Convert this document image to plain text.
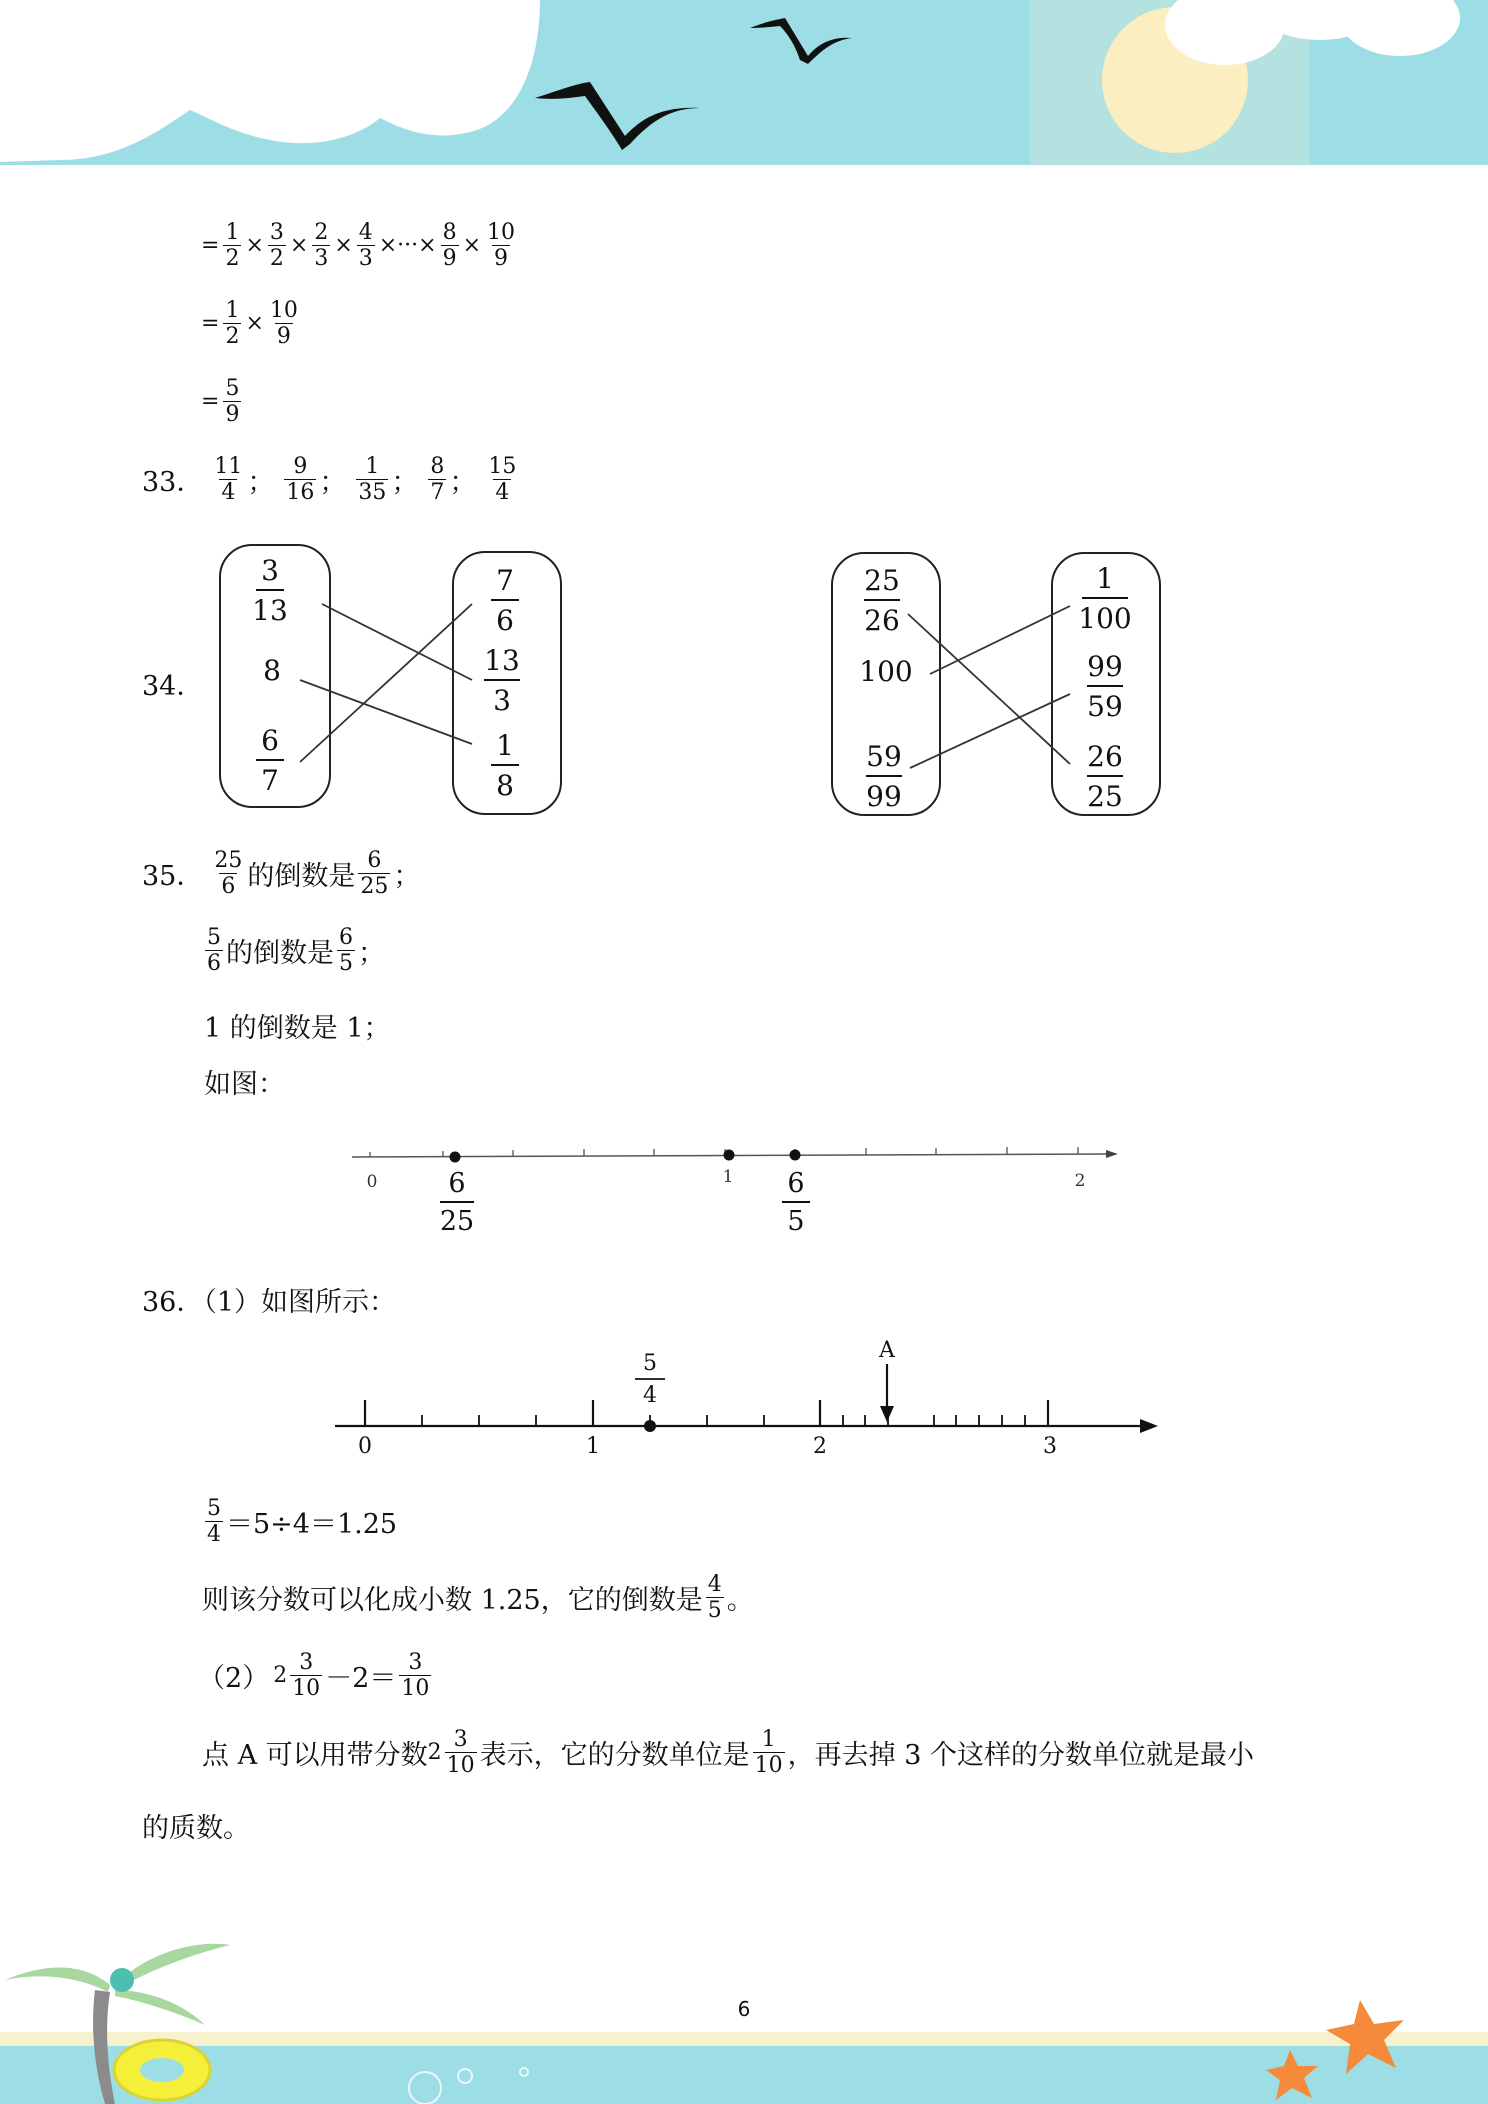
= $\frac{1}{2} \times \frac{3}{2} \times \frac{2}{3} \times \frac{4}{3}$ ×···× $\frac{8}{9} \times \frac{10}{9}$
= $\frac{1}{2} \times \frac{10}{9}$
= $\frac{5}{9}$
33． $\frac{11}{4}$ ； $\frac{9}{16}$ ； $\frac{1}{35}$ ； $\frac{8}{7}$ ； $\frac{15}{4}$
34．
3
13
8
6
7
7
6
13
3
1
8
25
26
100
59
99
1
100
99
59
26
25
35． $\frac{25}{6}$ 的倒数是 $\frac{6}{25}$ ；
$\frac{5}{6}$ 的倒数是 $\frac{6}{5}$ ；
1 的倒数是 1；
如图：
0	1	2
6
25
6
5
36．（1）如图所示：
0	1	2	3
A
5
4
$\frac{5}{4} =5\div 4=1.25$
则该分数可以化成小数 1.25，它的倒数是 $\frac{4}{5}$ 。
（2） $2 \frac{3}{10} -2= \frac{3}{10}$
点 A 可以用带分数 $2 \frac{3}{10}$ 表示，它的分数单位是 $\frac{1}{10}$ ，再去掉 3 个这样的分数单位就是最小
的质数。
6
